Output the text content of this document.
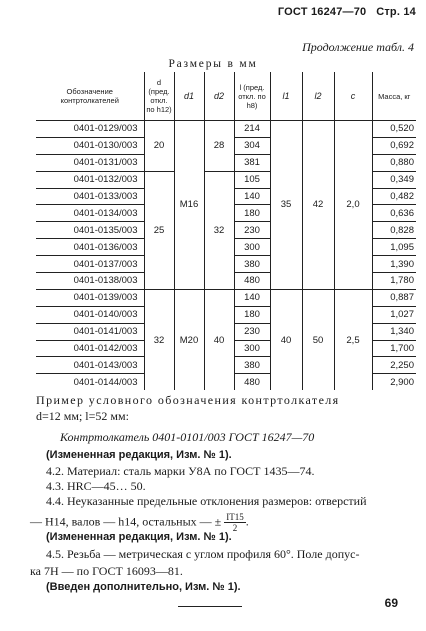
ГОСТ 16247—70 Стр. 14
Продолжение табл. 4
Размеры в мм
Обозначение контртолкателей	d (пред. откл. по h12)	d1	d2	l (пред. откл. по h8)	l1	l2	c	Масса, кг
0401-0129/003	20	M16	28	214	35	42	2,0	0,520
0401-0130/003				304				0,692
0401-0131/003				381				0,880
0401-0132/003	25		32	105				0,349
0401-0133/003				140				0,482
0401-0134/003				180				0,636
0401-0135/003				230				0,828
0401-0136/003				300				1,095
0401-0137/003				380				1,390
0401-0138/003				480				1,780
0401-0139/003	32	M20	40	140	40	50	2,5	0,887
0401-0140/003				180				1,027
0401-0141/003				230				1,340
0401-0142/003				300				1,700
0401-0143/003				380				2,250
0401-0144/003				480				2,900
Пример условного обозначения контртолкателя
d=12 мм; l=52 мм:
Контртолкатель 0401-0101/003 ГОСТ 16247—70
(Измененная редакция, Изм. № 1).
4.2. Материал: сталь марки У8А по ГОСТ 1435—74.
4.3. HRC—45… 50.
4.4. Неуказанные предельные отклонения размеров: отверстий
— H14, валов — h14, остальных — ± $\frac{IT15}{2}$ .
(Измененная редакция, Изм. № 1).
4.5. Резьба — метрическая с углом профиля 60°. Поле допус-
ка 7H — по ГОСТ 16093—81.
(Введен дополнительно, Изм. № 1).
69
